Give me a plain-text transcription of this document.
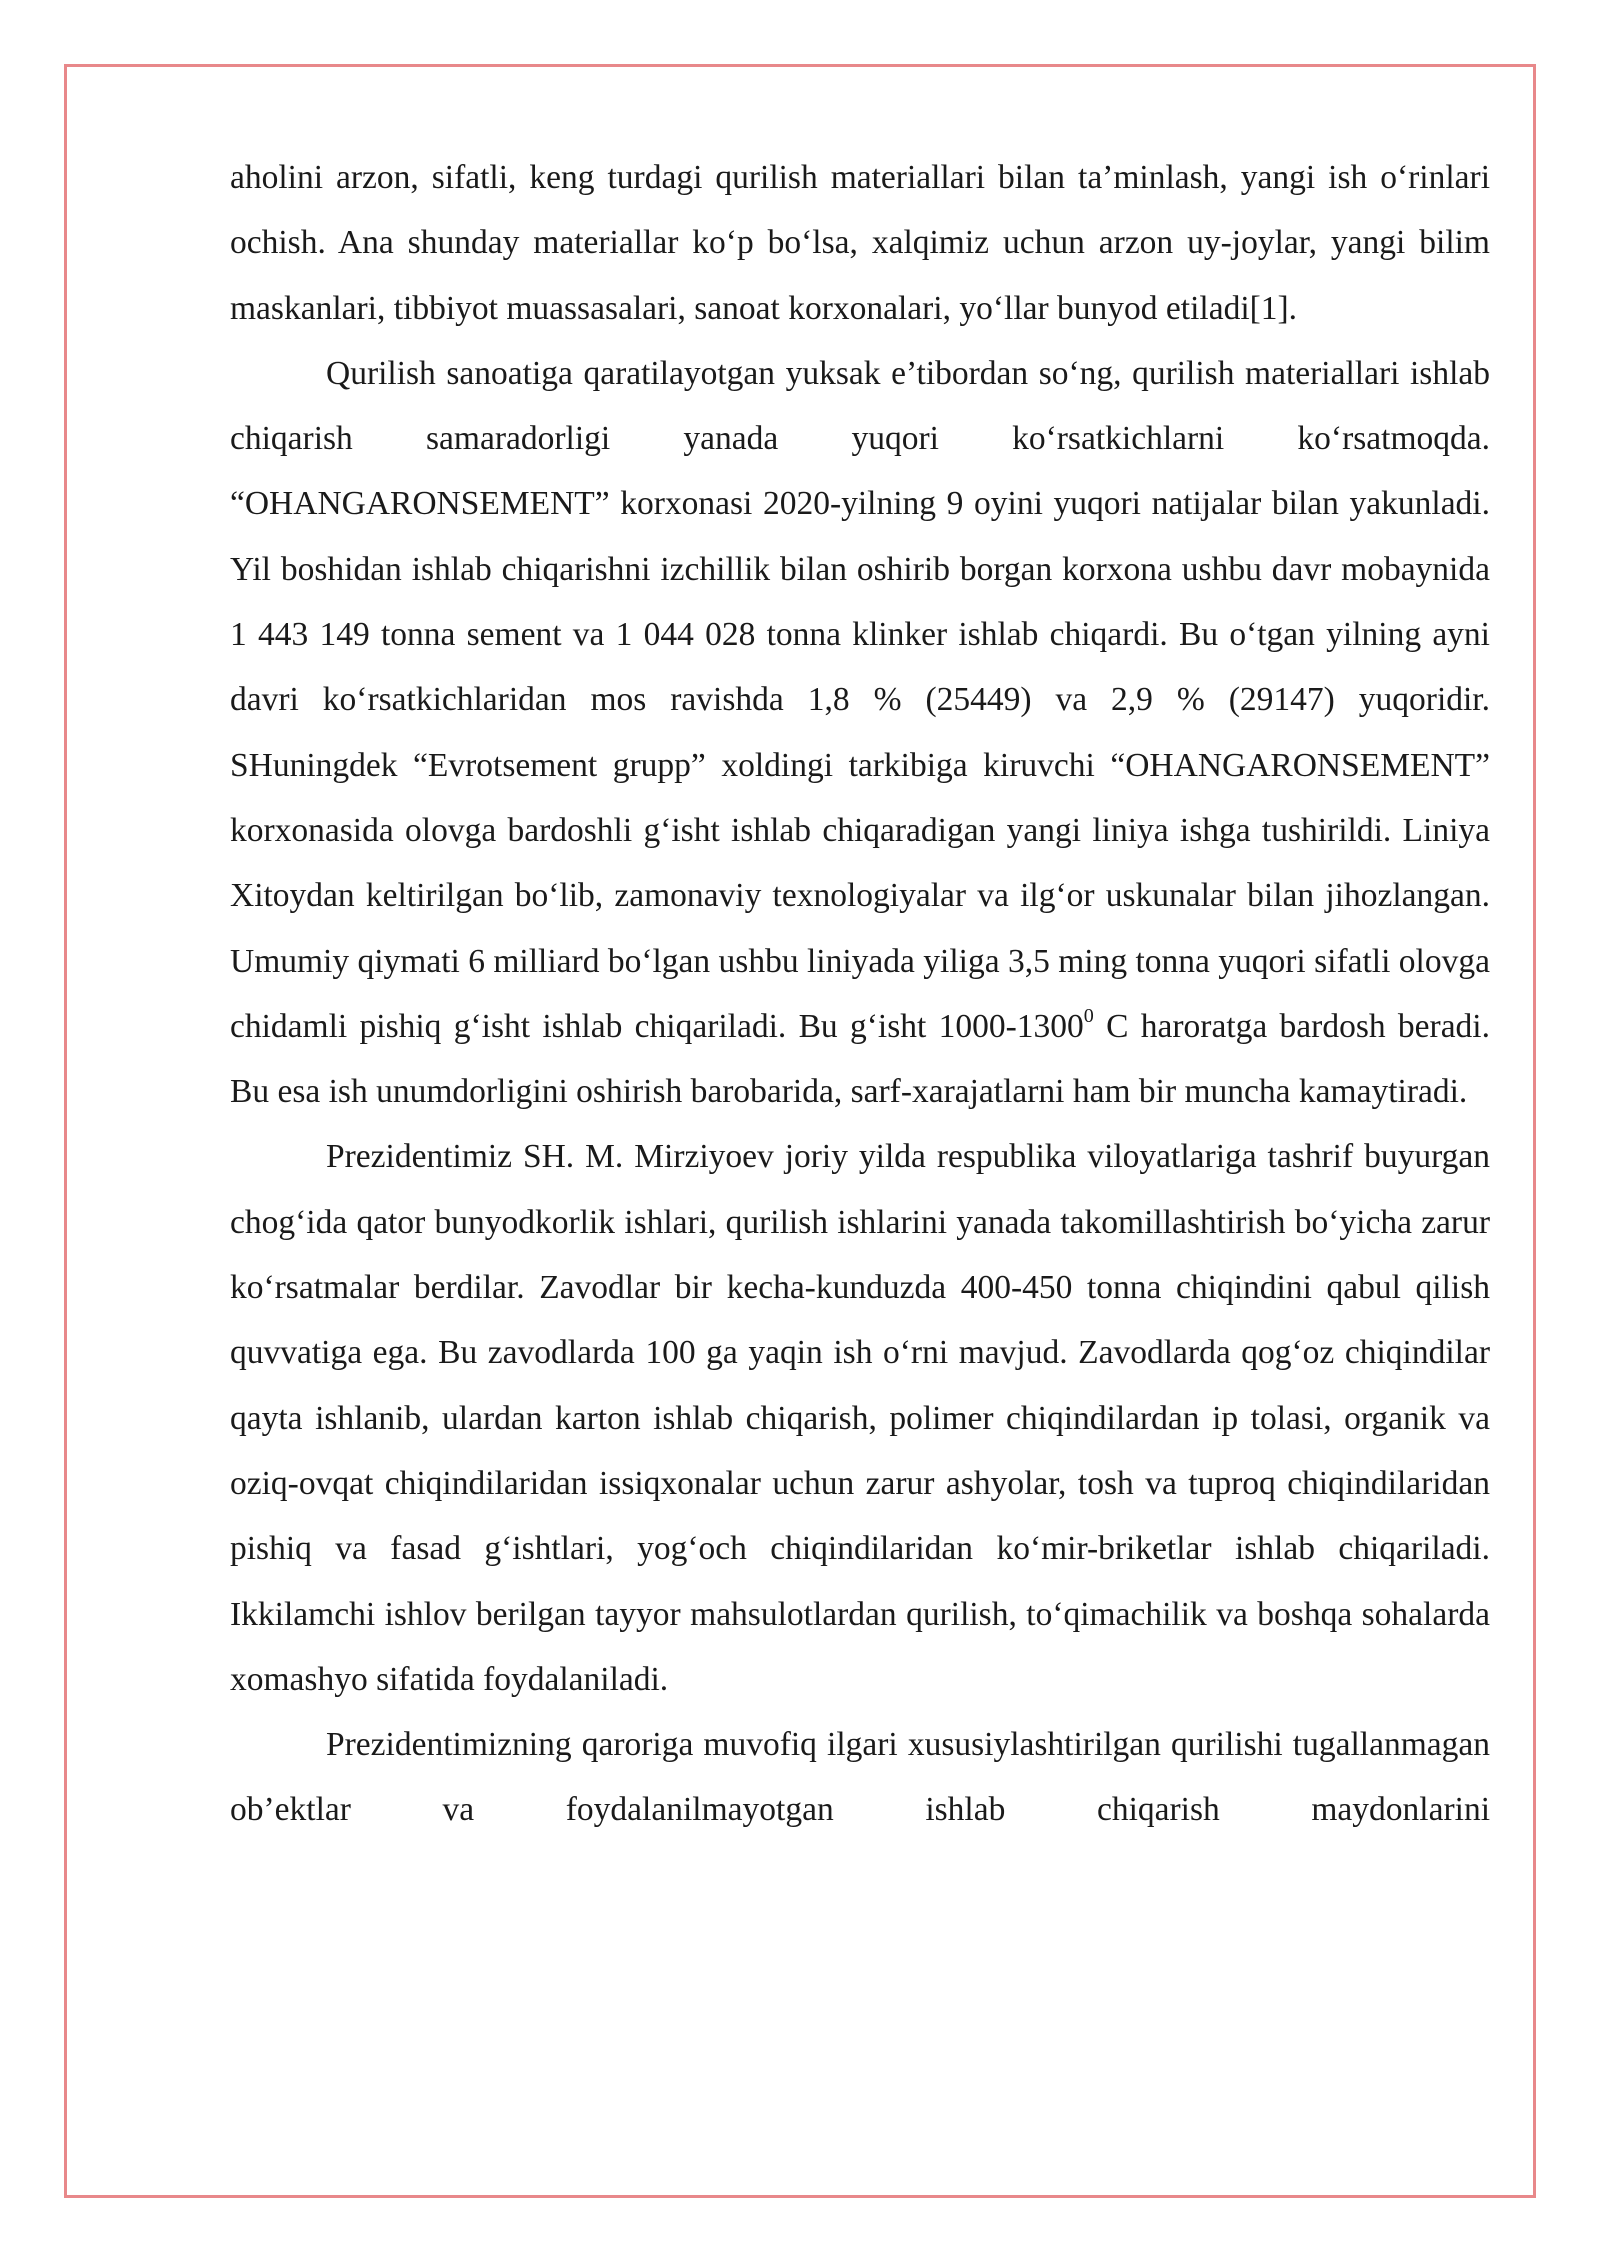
aholini arzon, sifatli, keng turdagi qurilish materiallari bilan ta’minlash, yangi ish o‘rinlari ochish. Ana shunday materiallar ko‘p bo‘lsa, xalqimiz uchun arzon uy-joylar, yangi bilim maskanlari, tibbiyot muassasalari, sanoat korxonalari, yo‘llar bunyod etiladi[1].

Qurilish sanoatiga qaratilayotgan yuksak e’tibordan so‘ng, qurilish materiallari ishlab chiqarish samaradorligi yanada yuqori ko‘rsatkichlarni ko‘rsatmoqda. “OHANGARONSEMENT” korxonasi 2020-yilning 9 oyini yuqori natijalar bilan yakunladi. Yil boshidan ishlab chiqarishni izchillik bilan oshirib borgan korxona ushbu davr mobaynida 1 443 149 tonna sement va 1 044 028 tonna klinker ishlab chiqardi. Bu o‘tgan yilning ayni davri ko‘rsatkichlaridan mos ravishda 1,8 % (25449) va 2,9 % (29147) yuqoridir. SHuningdek “Evrotsement grupp” xoldingi tarkibiga kiruvchi “OHANGARONSEMENT” korxonasida olovga bardoshli g‘isht ishlab chiqaradigan yangi liniya ishga tushirildi. Liniya Xitoydan keltirilgan bo‘lib, zamonaviy texnologiyalar va ilg‘or uskunalar bilan jihozlangan. Umumiy qiymati 6 milliard bo‘lgan ushbu liniyada yiliga 3,5 ming tonna yuqori sifatli olovga chidamli pishiq g‘isht ishlab chiqariladi. Bu g‘isht 1000-1300$^0$ C haroratga bardosh beradi. Bu esa ish unumdorligini oshirish barobarida, sarf-xarajatlarni ham bir muncha kamaytiradi.

Prezidentimiz SH. M. Mirziyoev joriy yilda respublika viloyatlariga tashrif buyurgan chog‘ida qator bunyodkorlik ishlari, qurilish ishlarini yanada takomillashtirish bo‘yicha zarur ko‘rsatmalar berdilar. Zavodlar bir kecha-kunduzda 400-450 tonna chiqindini qabul qilish quvvatiga ega. Bu zavodlarda 100 ga yaqin ish o‘rni mavjud. Zavodlarda qog‘oz chiqindilar qayta ishlanib, ulardan karton ishlab chiqarish, polimer chiqindilardan ip tolasi, organik va oziq-ovqat chiqindilaridan issiqxonalar uchun zarur ashyolar, tosh va tuproq chiqindilaridan pishiq va fasad g‘ishtlari, yog‘och chiqindilaridan ko‘mir-briketlar ishlab chiqariladi. Ikkilamchi ishlov berilgan tayyor mahsulotlardan qurilish, to‘qimachilik va boshqa sohalarda xomashyo sifatida foydalaniladi.

Prezidentimizning qaroriga muvofiq ilgari xususiylashtirilgan qurilishi tugallanmagan ob’ektlar va foydalanilmayotgan ishlab chiqarish maydonlarini
